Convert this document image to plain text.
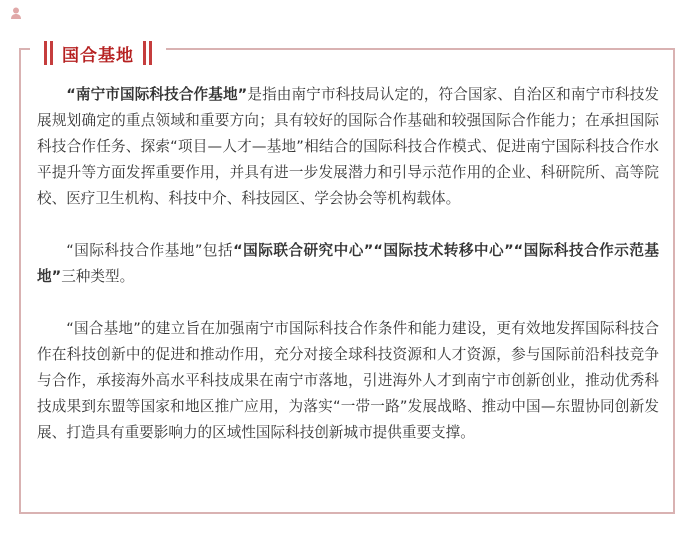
国合基地

“南宁市国际科技合作基地”是指由南宁市科技局认定的，符合国家、自治区和南宁市科技发展规划确定的重点领域和重要方向；具有较好的国际合作基础和较强国际合作能力；在承担国际科技合作任务、探索“项目—人才—基地”相结合的国际科技合作模式、促进南宁国际科技合作水平提升等方面发挥重要作用，并具有进一步发展潜力和引导示范作用的企业、科研院所、高等院校、医疗卫生机构、科技中介、科技园区、学会协会等机构载体。

“国际科技合作基地”包括“国际联合研究中心”“国际技术转移中心”“国际科技合作示范基地”三种类型。

“国合基地”的建立旨在加强南宁市国际科技合作条件和能力建设，更有效地发挥国际科技合作在科技创新中的促进和推动作用，充分对接全球科技资源和人才资源，参与国际前沿科技竞争与合作，承接海外高水平科技成果在南宁市落地，引进海外人才到南宁市创新创业，推动优秀科技成果到东盟等国家和地区推广应用，为落实“一带一路”发展战略、推动中国—东盟协同创新发展、打造具有重要影响力的区域性国际科技创新城市提供重要支撑。
